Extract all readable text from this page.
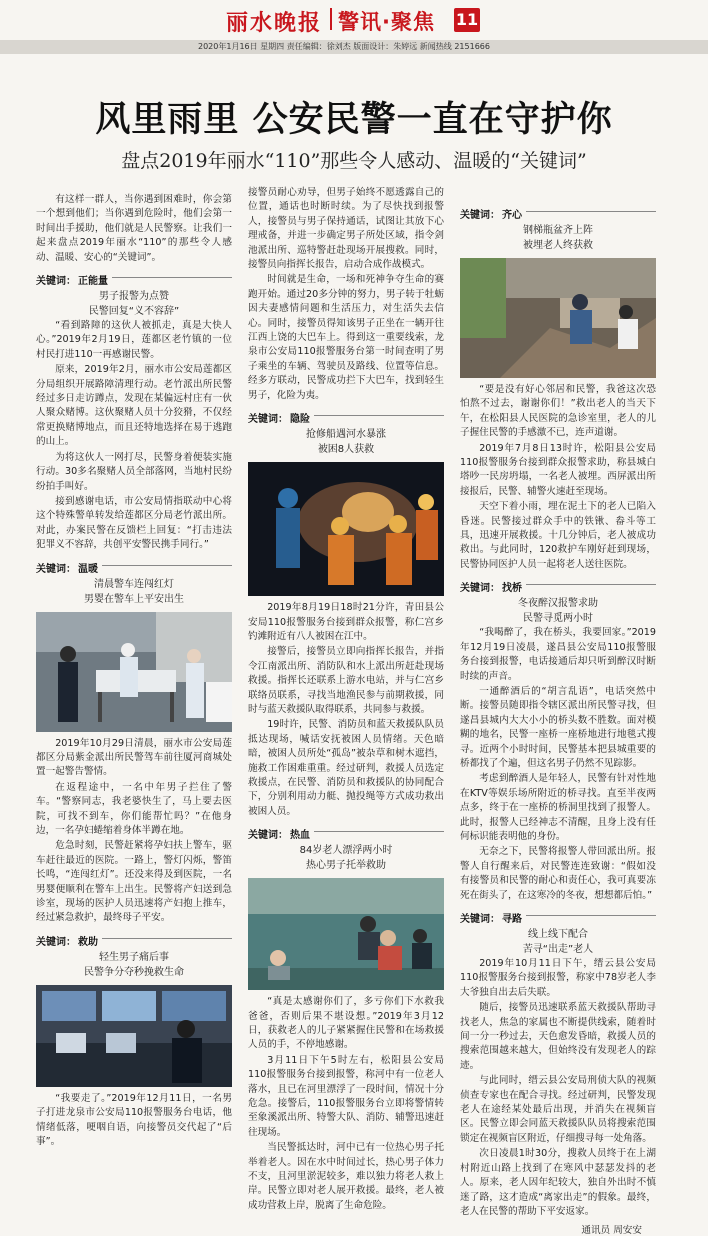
丽水晚报 警讯·聚焦 11
2020年1月16日 星期四 责任编辑：徐刘杰 版面设计：朱婷远 新闻热线 2151666
风里雨里 公安民警一直在守护你
盘点2019年丽水“110”那些令人感动、温暖的“关键词”

有这样一群人，当你遇到困难时，你会第一个想到他们；当你遇到危险时，他们会第一时间出手援助，他们就是人民警察。让我们一起来盘点2019年丽水“110”的那些令人感动、温暖、安心的“关键词”。

关键词： 正能量
男子报警为点赞
民警回复“义不容辞”

“看到路障的这伙人被抓走，真是大快人心。”2019年2月19日，莲都区老竹镇的一位村民打进110一再感谢民警。

原来，2019年2月，丽水市公安局莲都区分局组织开展路障清理行动。老竹派出所民警经过多日走访蹲点，发现在某偏远村庄有一伙人聚众赌博。这伙聚赌人员十分狡猾，不仅经常更换赌博地点，而且还特地选择在易于逃跑的山上。

为将这伙人一网打尽，民警身着便装实施行动。30多名聚赌人员全部落网，当地村民纷纷拍手叫好。

接到感谢电话，市公安局情指联动中心将这个特殊警单转发给莲都区分局老竹派出所。对此，办案民警在反馈栏上回复：“打击违法犯罪义不容辞，共创平安警民携手同行。”

关键词： 温暖
清晨警车连闯红灯
男婴在警车上平安出生

2019年10月29日清晨，丽水市公安局莲都区分局紫金派出所民警驾车前往厦河商城处置一起警告警情。

在返程途中，一名中年男子拦住了警车。“警察同志，我老婆快生了，马上要去医院，可找不到车，你们能帮忙吗？”在他身边，一名孕妇蜷缩着身体半蹲在地。

危急时刻，民警赶紧将孕妇扶上警车，驱车赶往最近的医院。一路上，警灯闪烁，警笛长鸣，“连闯红灯”。还没来得及到医院，一名男婴便顺利在警车上出生。民警将产妇送到急诊室，现场的医护人员迅速将产妇抱上推车，经过紧急救护，最终母子平安。

关键词： 救助
轻生男子痛后事
民警争分夺秒挽救生命

“我要走了。”2019年12月11日，一名男子打进龙泉市公安局110报警服务台电话，他情绪低落，哽咽自语，向接警员交代起了“后事”。

接警员耐心劝导，但男子始终不愿透露自己的位置，通话也时断时续。为了尽快找到报警人，接警员与男子保持通话，试图让其放下心理戒备，并进一步确定男子所处区域，指令剑池派出所、巡特警赶赴现场开展搜救。同时，接警员向指挥长报告，启动合成作战模式。

时间就是生命，一场和死神争夺生命的赛跑开始。通过20多分钟的努力，男子转于牡蛎因夫妻感情问题和生活压力，对生活失去信心。同时，接警员得知该男子正坐在一辆开往江西上饶的大巴车上。得到这一重要线索，龙泉市公安局110报警服务台第一时间查明了男子乘坐的车辆、驾驶员及路线、位置等信息。经多方联动，民警成功拦下大巴车，找到轻生男子，化险为夷。

关键词： 隐险
抢修船遇河水暴涨
被困8人获救

2019年8月19日18时21分许，青田县公安局110报警服务台接到群众报警，称仁宫乡钓滩附近有八人被困在江中。

接警后，接警员立即向指挥长报告，并指令江南派出所、消防队和水上派出所赶赴现场救援。指挥长还联系上游水电站，并与仁宫乡联络员联系，寻找当地渔民参与前期救援，同时与蓝天救援队取得联系，共同参与救援。

19时许，民警、消防员和蓝天救援队队员抵达现场，喊话安抚被困人员情绪。天色暗暗，被困人员所处“孤岛”被杂草和树木遮挡，施救工作困难重重。经过研判，救援人员选定救援点，在民警、消防员和救援队的协同配合下，分别利用动力艇、抛投绳等方式成功救出被困人员。

关键词： 热血
84岁老人漂浮两小时
热心男子托举救助

“真是太感谢你们了，多亏你们下水救我爸爸，否则后果不堪设想。”2019年3月12日，获救老人的儿子紧紧握住民警和在场救援人员的手，不停地感谢。

3月11日下午5时左右，松阳县公安局110报警服务台接到报警，称河中有一位老人落水，且已在河里漂浮了一段时间，情况十分危急。接警后，110报警服务台立即将警情转至象溪派出所、特警大队、消防、辅警迅速赶往现场。

当民警抵达时，河中已有一位热心男子托举着老人。因在水中时间过长，热心男子体力不支，且河里淤泥较多，难以独力将老人救上岸。民警立即对老人展开救援。最终，老人被成功营救上岸，脱离了生命危险。

关键词： 齐心
钢梯瓶盆齐上阵
被埋老人终获救

“要是没有好心邻居和民警，我爸这次恐怕熬不过去，谢谢你们！”救出老人的当天下午，在松阳县人民医院的急诊室里，老人的儿子握住民警的手感激不已，连声道谢。

2019年7月8日13时许，松阳县公安局110报警服务台接到群众报警求助，称县城白塔吵一民房坍塌，一名老人被埋。西屏派出所接报后，民警、辅警火速赶至现场。

天空下着小雨，埋在泥土下的老人已陷入昏迷。民警接过群众手中的铁锹、畚斗等工具，迅速开展救援。十几分钟后，老人被成功救出。与此同时，120救护车刚好赶到现场，民警协同医护人员一起将老人送往医院。

关键词： 找桥
冬夜醉汉报警求助
民警寻觅两小时

“我喝醉了，我在桥头，我要回家。”2019年12月19日凌晨，遂昌县公安局110报警服务台接到报警，电话接通后却只听到醉汉时断时续的声音。

一通醉酒后的“胡言乱语”，电话突然中断。接警员随即指令辖区派出所民警寻找，但遂昌县城内大大小小的桥头数不胜数。面对模糊的地名，民警一座桥一座桥地进行地毯式搜寻。近两个小时时间，民警基本把县城重要的桥都找了个遍，但这名男子仍然不见踪影。

考虑到醉酒人是年轻人，民警有针对性地在KTV等娱乐场所附近的桥寻找。直至半夜两点多，终于在一座桥的桥洞里找到了报警人。此时，报警人已经神志不清醒，且身上没有任何标识能表明他的身份。

无奈之下，民警将报警人带回派出所。报警人自行醒来后，对民警连连致谢：“假如没有接警员和民警的耐心和责任心，我可真要冻死在街头了，在这寒冷的冬夜，想想都后怕。”

关键词： 寻路
线上线下配合
苦寻“出走”老人

2019年10月11日下午，缙云县公安局110报警服务台接到报警，称家中78岁老人李大爷独自出去后失联。

随后，接警员迅速联系蓝天救援队帮助寻找老人，焦急的家属也不断提供线索，随着时间一分一秒过去，天色愈发昏暗，救援人员的搜索范围越来越大，但始终没有发现老人的踪迹。

与此同时，缙云县公安局刑侦大队的视频侦查专家也在配合寻找。经过研判，民警发现老人在途经某处最后出现，并消失在视频盲区。民警立即会同蓝天救援队队员将搜索范围锁定在视频盲区附近，仔细搜寻每一处角落。

次日凌晨1时30分，搜救人员终于在上湖村附近山路上找到了在寒风中瑟瑟发抖的老人。原来，老人因年纪较大，独自外出时不慎迷了路，这才造成“离家出走”的假象。最终，老人在民警的帮助下平安返家。

通讯员 周安安
